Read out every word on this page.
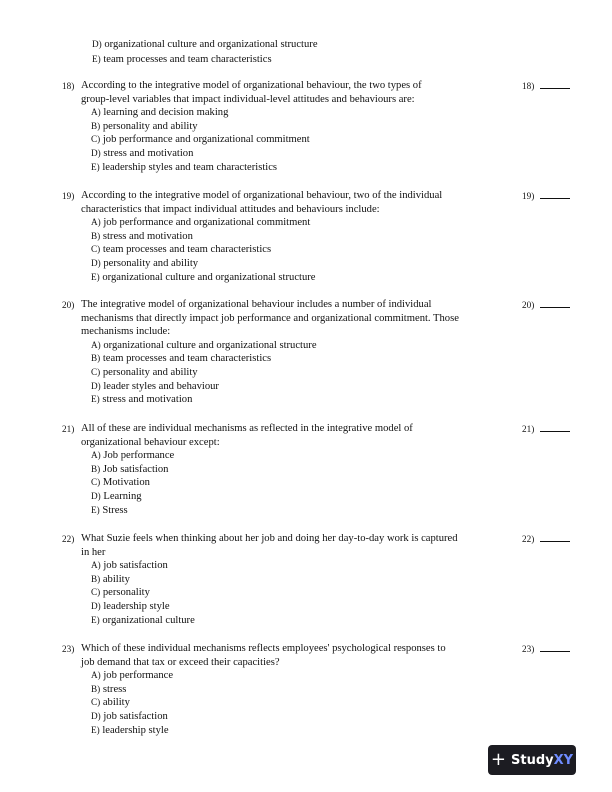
D) organizational culture and organizational structure
E) team processes and team characteristics
18) According to the integrative model of organizational behaviour, the two types of
group-level variables that impact individual-level attitudes and behaviours are:
A) learning and decision making
B) personality and ability
C) job performance and organizational commitment
D) stress and motivation
E) leadership styles and team characteristics
18)
19) According to the integrative model of organizational behaviour, two of the individual
characteristics that impact individual attitudes and behaviours include:
A) job performance and organizational commitment
B) stress and motivation
C) team processes and team characteristics
D) personality and ability
E) organizational culture and organizational structure
19)
20) The integrative model of organizational behaviour includes a number of individual
mechanisms that directly impact job performance and organizational commitment. Those
mechanisms include:
A) organizational culture and organizational structure
B) team processes and team characteristics
C) personality and ability
D) leader styles and behaviour
E) stress and motivation
20)
21) All of these are individual mechanisms as reflected in the integrative model of
organizational behaviour except:
A) Job performance
B) Job satisfaction
C) Motivation
D) Learning
E) Stress
21)
22) What Suzie feels when thinking about her job and doing her day-to-day work is captured
in her
A) job satisfaction
B) ability
C) personality
D) leadership style
E) organizational culture
22)
23) Which of these individual mechanisms reflects employees' psychological responses to
job demand that tax or exceed their capacities?
A) job performance
B) stress
C) ability
D) job satisfaction
E) leadership style
23)
+ Study XY
